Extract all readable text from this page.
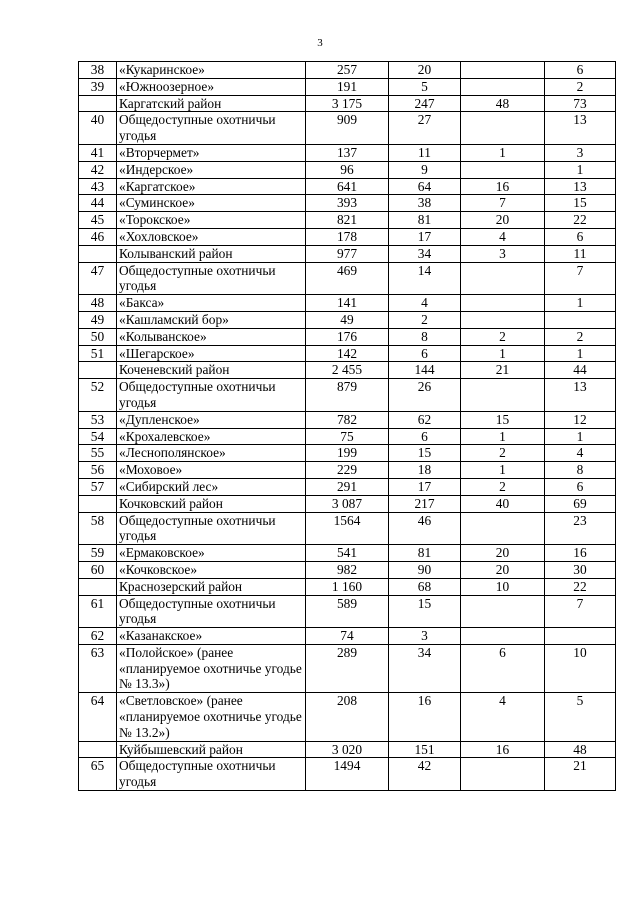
3
38	«Кукаринское»	257	20		6
39	«Южноозерное»	191	5		2
	Каргатский район	3 175	247	48	73
40	Общедоступные охотничьи угодья	909	27		13
41	«Вторчермет»	137	11	1	3
42	«Индерское»	96	9		1
43	«Каргатское»	641	64	16	13
44	«Суминское»	393	38	7	15
45	«Торокское»	821	81	20	22
46	«Хохловское»	178	17	4	6
	Колыванский район	977	34	3	11
47	Общедоступные охотничьи угодья	469	14		7
48	«Бакса»	141	4		1
49	«Кашламский бор»	49	2		
50	«Колыванское»	176	8	2	2
51	«Шегарское»	142	6	1	1
	Коченевский район	2 455	144	21	44
52	Общедоступные охотничьи угодья	879	26		13
53	«Дупленское»	782	62	15	12
54	«Крохалевское»	75	6	1	1
55	«Леснополянское»	199	15	2	4
56	«Моховое»	229	18	1	8
57	«Сибирский лес»	291	17	2	6
	Кочковский район	3 087	217	40	69
58	Общедоступные охотничьи угодья	1564	46		23
59	«Ермаковское»	541	81	20	16
60	«Кочковское»	982	90	20	30
	Краснозерский район	1 160	68	10	22
61	Общедоступные охотничьи угодья	589	15		7
62	«Казанакское»	74	3		
63	«Полойское» (ранее «планируемое охотничье угодье № 13.3»)	289	34	6	10
64	«Светловское» (ранее «планируемое охотничье угодье № 13.2»)	208	16	4	5
	Куйбышевский район	3 020	151	16	48
65	Общедоступные охотничьи угодья	1494	42		21
